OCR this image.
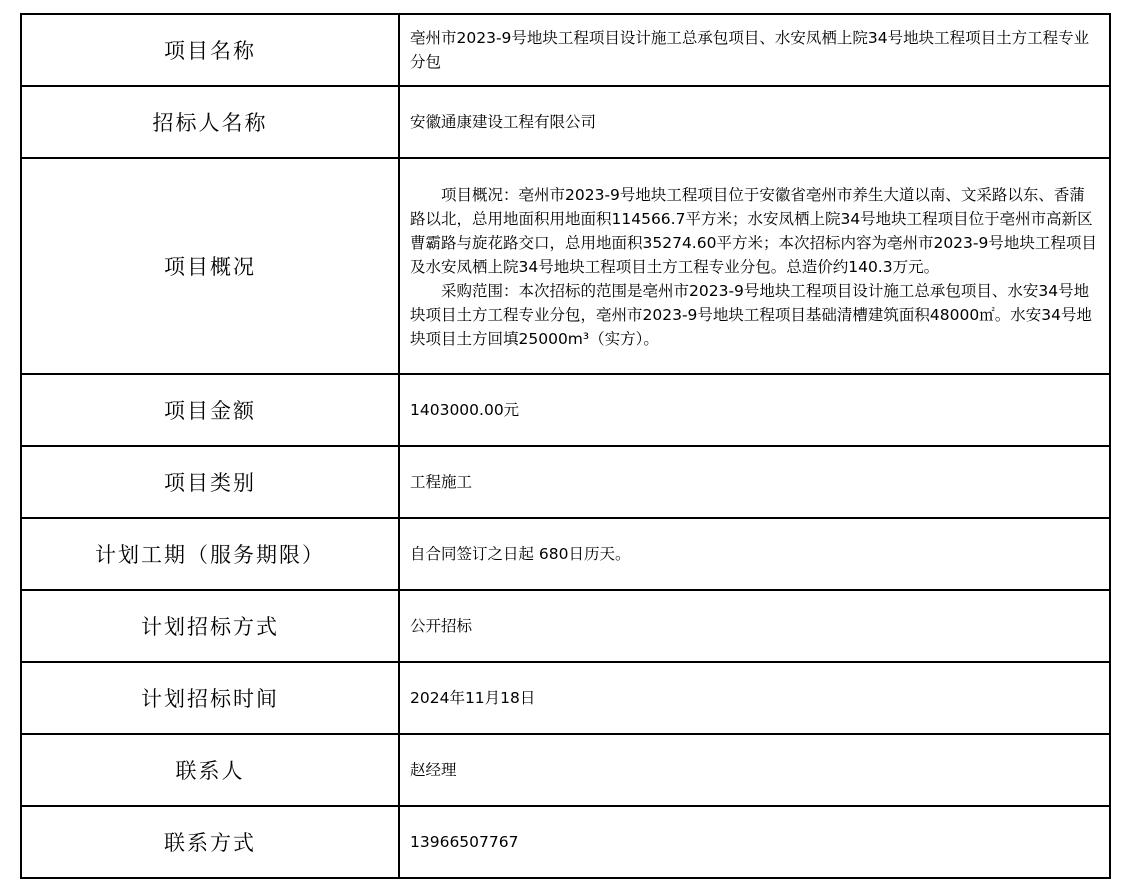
项目名称	亳州市2023-9号地块工程项目设计施工总承包项目、水安凤栖上院34号地块工程项目土方工程专业分包

招标人名称	安徽通康建设工程有限公司
项目概况	项目概况：亳州市2023-9号地块工程项目位于安徽省亳州市养生大道以南、文采路以东、香蒲路以北，总用地面积用地面积114566.7平方米；水安凤栖上院34号地块工程项目位于亳州市高新区曹霸路与旋花路交口，总用地面积35274.60平方米；本次招标内容为亳州市2023-9号地块工程项目及水安凤栖上院34号地块工程项目土方工程专业分包。总造价约140.3万元。

采购范围：本次招标的范围是亳州市2023-9号地块工程项目设计施工总承包项目、水安34号地块项目土方工程专业分包，亳州市2023-9号地块工程项目基础清槽建筑面积48000㎡。水安34号地块项目土方回填25000m³（实方）。

项目金额	1403000.00元
项目类别	工程施工
计划工期（服务期限）	自合同签订之日起 680日历天。
计划招标方式	公开招标
计划招标时间	2024年11月18日
联系人	赵经理
联系方式	13966507767
